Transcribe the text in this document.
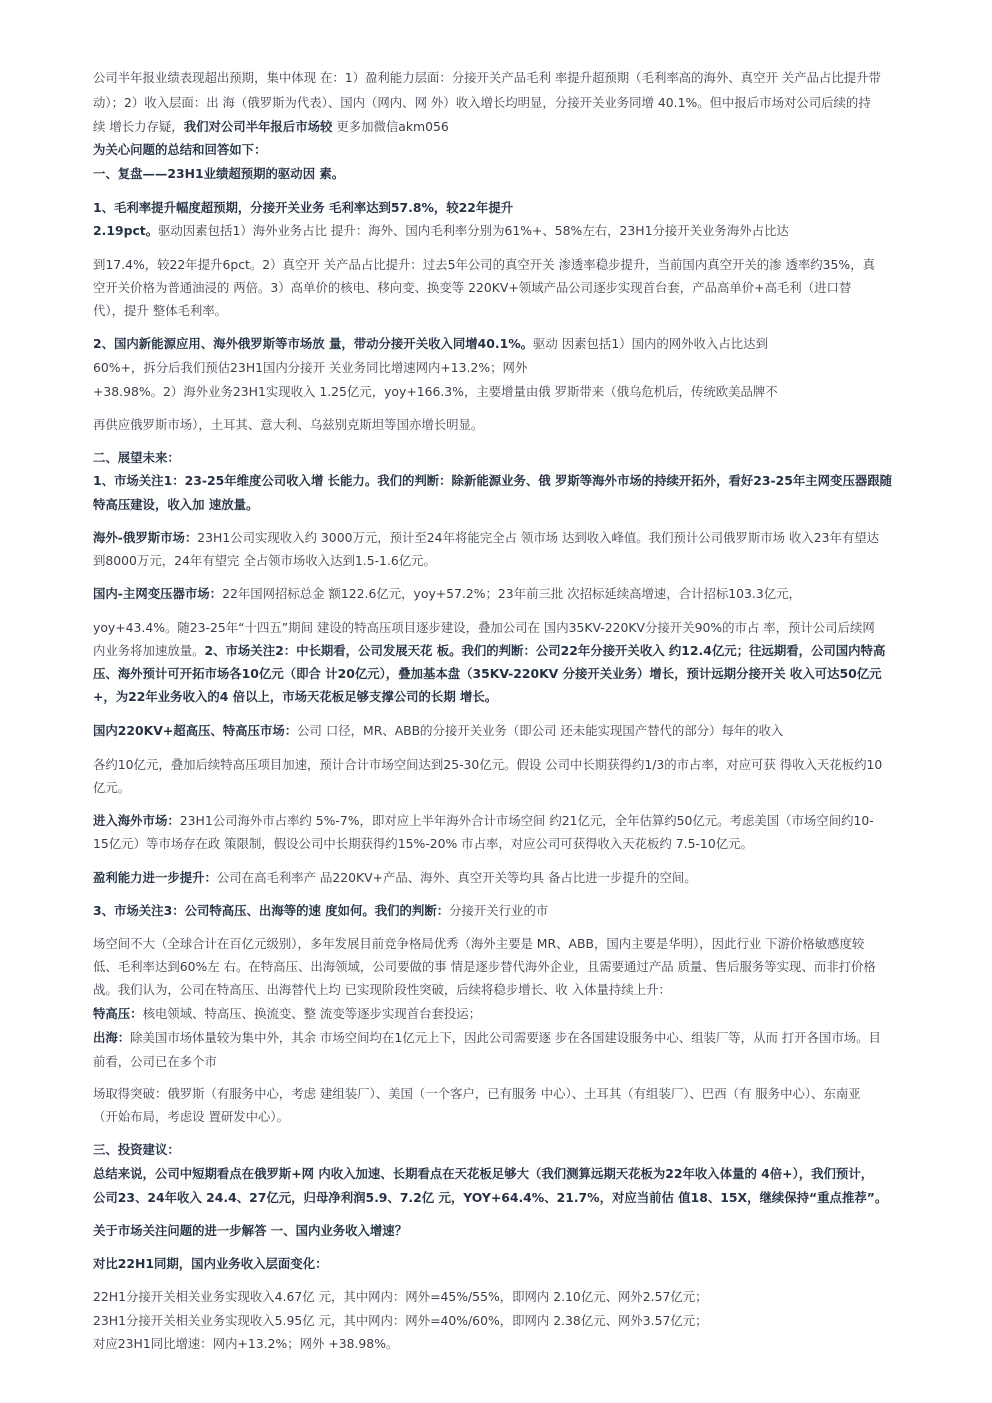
公司半年报业绩表现超出预期，集中体现 在：1）盈利能力层面：分接开关产品毛利 率提升超预期（毛利率高的海外、真空开 关产品占比提升带
动）；2）收入层面：出 海（俄罗斯为代表）、国内（网内、网 外）收入增长均明显，分接开关业务同增 40.1%。但中报后市场对公司后续的持
续 增长力存疑，我们对公司半年报后市场较 更多加微信akm056
为关心问题的总结和回答如下：
一、复盘——23H1业绩超预期的驱动因 素。
1、毛利率提升幅度超预期，分接开关业务 毛利率达到57.8%，较22年提升
2.19pct。驱动因素包括1）海外业务占比 提升：海外、国内毛利率分别为61%+、58%左右，23H1分接开关业务海外占比达
到17.4%，较22年提升6pct。2）真空开 关产品占比提升：过去5年公司的真空开关 渗透率稳步提升，当前国内真空开关的渗 透率约35%，真
空开关价格为普通油浸的 两倍。3）高单价的核电、移向变、换变等 220KV+领域产品公司逐步实现首台套，产品高单价+高毛利（进口替
代），提升 整体毛利率。
2、国内新能源应用、海外俄罗斯等市场放 量，带动分接开关收入同增40.1%。驱动 因素包括1）国内的网外收入占比达到
60%+，拆分后我们预估23H1国内分接开 关业务同比增速网内+13.2%；网外
+38.98%。2）海外业务23H1实现收入 1.25亿元，yoy+166.3%，主要增量由俄 罗斯带来（俄乌危机后，传统欧美品牌不
再供应俄罗斯市场），土耳其、意大利、乌兹别克斯坦等国亦增长明显。
二、展望未来：
1、市场关注1：23-25年维度公司收入增 长能力。我们的判断：除新能源业务、俄 罗斯等海外市场的持续开拓外，看好23-25年主网变压器跟随
特高压建设，收入加 速放量。
海外-俄罗斯市场：23H1公司实现收入约 3000万元，预计至24年将能完全占 领市场 达到收入峰值。我们预计公司俄罗斯市场 收入23年有望达
到8000万元，24年有望完 全占领市场收入达到1.5-1.6亿元。
国内-主网变压器市场：22年国网招标总金 额122.6亿元，yoy+57.2%；23年前三批 次招标延续高增速，合计招标103.3亿元，
yoy+43.4%。随23-25年“十四五”期间 建设的特高压项目逐步建设，叠加公司在 国内35KV-220KV分接开关90%的市占 率，预计公司后续网
内业务将加速放量。2、市场关注2：中长期看，公司发展天花 板。我们的判断：公司22年分接开关收入 约12.4亿元；往远期看，公司国内特高
压、海外预计可开拓市场各10亿元（即合 计20亿元），叠加基本盘（35KV-220KV 分接开关业务）增长，预计远期分接开关 收入可达50亿元
+，为22年业务收入的4 倍以上，市场天花板足够支撑公司的长期 增长。
国内220KV+超高压、特高压市场：公司 口径，MR、ABB的分接开关业务（即公司 还未能实现国产替代的部分）每年的收入
各约10亿元，叠加后续特高压项目加速，预计合计市场空间达到25-30亿元。假设 公司中长期获得约1/3的市占率，对应可获 得收入天花板约10
亿元。
进入海外市场：23H1公司海外市占率约 5%-7%，即对应上半年海外合计市场空间 约21亿元，全年估算约50亿元。考虑美国（市场空间约10-
15亿元）等市场存在政 策限制，假设公司中长期获得约15%-20% 市占率，对应公司可获得收入天花板约 7.5-10亿元。
盈利能力进一步提升：公司在高毛利率产 品220KV+产品、海外、真空开关等均具 备占比进一步提升的空间。
3、市场关注3：公司特高压、出海等的速 度如何。我们的判断：分接开关行业的市
场空间不大（全球合计在百亿元级别），多年发展目前竞争格局优秀（海外主要是 MR、ABB，国内主要是华明），因此行业 下游价格敏感度较
低、毛利率达到60%左 右。在特高压、出海领域，公司要做的事 情是逐步替代海外企业，且需要通过产品 质量、售后服务等实现、而非打价格
战。我们认为，公司在特高压、出海替代上均 已实现阶段性突破，后续将稳步增长、收 入体量持续上升：
特高压：核电领域、特高压、换流变、整 流变等逐步实现首台套投运；
出海：除美国市场体量较为集中外，其余 市场空间均在1亿元上下，因此公司需要逐 步在各国建设服务中心、组装厂等，从而 打开各国市场。目
前看，公司已在多个市
场取得突破：俄罗斯（有服务中心，考虑 建组装厂）、美国（一个客户，已有服务 中心）、土耳其（有组装厂）、巴西（有 服务中心）、东南亚
（开始布局，考虑设 置研发中心）。
三、投资建议：
总结来说，公司中短期看点在俄罗斯+网 内收入加速、长期看点在天花板足够大（我们测算远期天花板为22年收入体量的 4倍+），我们预计，
公司23、24年收入 24.4、27亿元，归母净利润5.9、7.2亿 元，YOY+64.4%、21.7%，对应当前估 值18、15X，继续保持“重点推荐”。
关于市场关注问题的进一步解答 一、国内业务收入增速？
对比22H1同期，国内业务收入层面变化：
22H1分接开关相关业务实现收入4.67亿 元，其中网内：网外=45%/55%，即网内 2.10亿元、网外2.57亿元；
23H1分接开关相关业务实现收入5.95亿 元，其中网内：网外=40%/60%，即网内 2.38亿元、网外3.57亿元；
对应23H1同比增速：网内+13.2%；网外 +38.98%。
